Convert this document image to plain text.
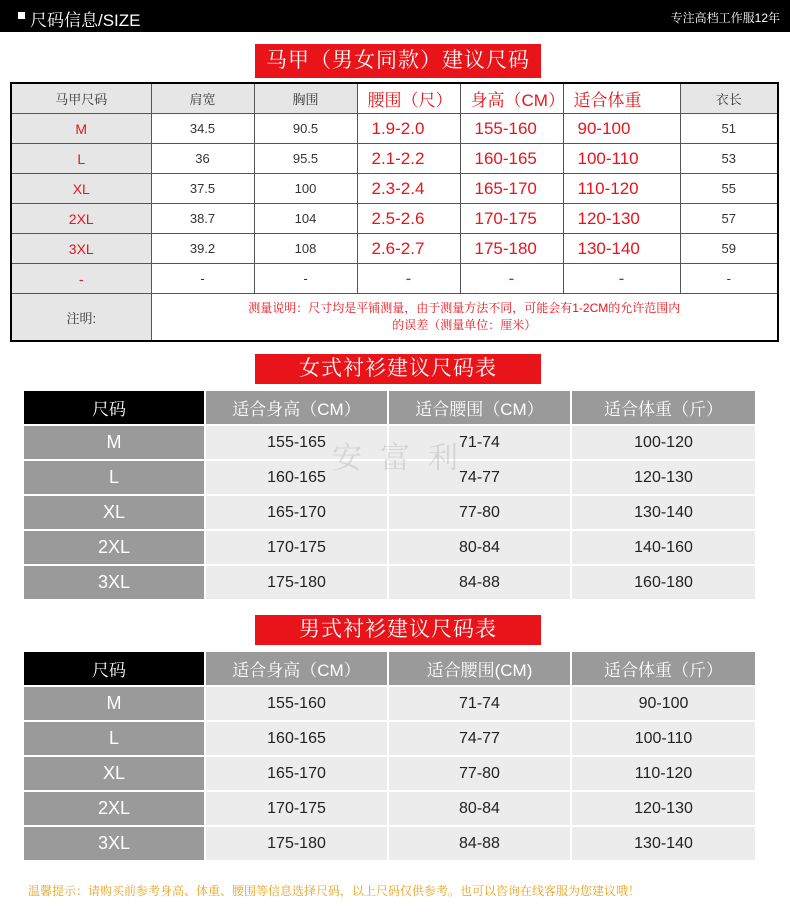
尺码信息/SIZE	专注高档工作服12年
马甲（男女同款）建议尺码
马甲尺码	肩宽	胸围	腰围（尺）	身高（CM）	适合体重	衣长
M	34.5	90.5	1.9-2.0	155-160	90-100	51
L	36	95.5	2.1-2.2	160-165	100-110	53
XL	37.5	100	2.3-2.4	165-170	110-120	55
2XL	38.7	104	2.5-2.6	170-175	120-130	57
3XL	39.2	108	2.6-2.7	175-180	130-140	59
-	-	-	-	-	-	-
注明:	测量说明：尺寸均是平铺测量，由于测量方法不同，可能会有1-2CM的允许范围内
的误差（测量单位：厘米）					
女式衬衫建议尺码表
尺码	适合身高（CM）	适合腰围（CM）	适合体重（斤）
M	155-165	71-74	100-120
L	160-165	74-77	120-130
XL	165-170	77-80	130-140
2XL	170-175	80-84	140-160
3XL	175-180	84-88	160-180
安富利
男式衬衫建议尺码表
尺码	适合身高（CM）	适合腰围(CM)	适合体重（斤）
M	155-160	71-74	90-100
L	160-165	74-77	100-110
XL	165-170	77-80	110-120
2XL	170-175	80-84	120-130
3XL	175-180	84-88	130-140
温馨提示：请购买前参考身高、体重、腰围等信息选择尺码，以上尺码仅供参考。也可以咨询在线客服为您建议哦！
